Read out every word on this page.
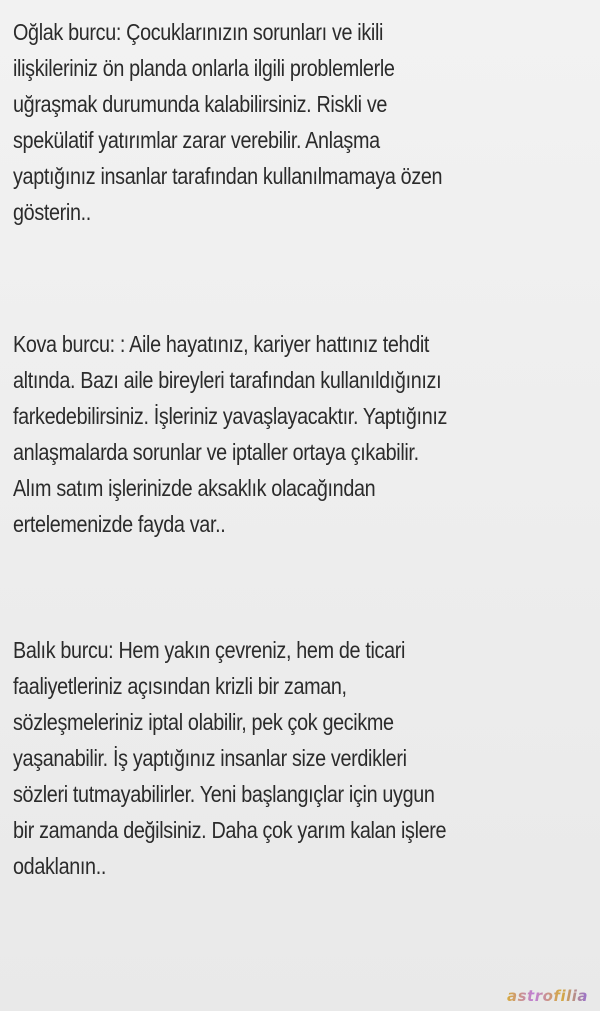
Oğlak burcu: Çocuklarınızın sorunları ve ikili
ilişkileriniz ön planda onlarla ilgili problemlerle
uğraşmak durumunda kalabilirsiniz. Riskli ve
spekülatif yatırımlar zarar verebilir. Anlaşma
yaptığınız insanlar tarafından kullanılmamaya özen
gösterin..
Kova burcu: : Aile hayatınız, kariyer hattınız tehdit
altında. Bazı aile bireyleri tarafından kullanıldığınızı
farkedebilirsiniz. İşleriniz yavaşlayacaktır. Yaptığınız
anlaşmalarda sorunlar ve iptaller ortaya çıkabilir.
Alım satım işlerinizde aksaklık olacağından
ertelemenizde fayda var..
Balık burcu: Hem yakın çevreniz, hem de ticari
faaliyetleriniz açısından krizli bir zaman,
sözleşmeleriniz iptal olabilir, pek çok gecikme
yaşanabilir. İş yaptığınız insanlar size verdikleri
sözleri tutmayabilirler. Yeni başlangıçlar için uygun
bir zamanda değilsiniz. Daha çok yarım kalan işlere
odaklanın..
astrofilia
